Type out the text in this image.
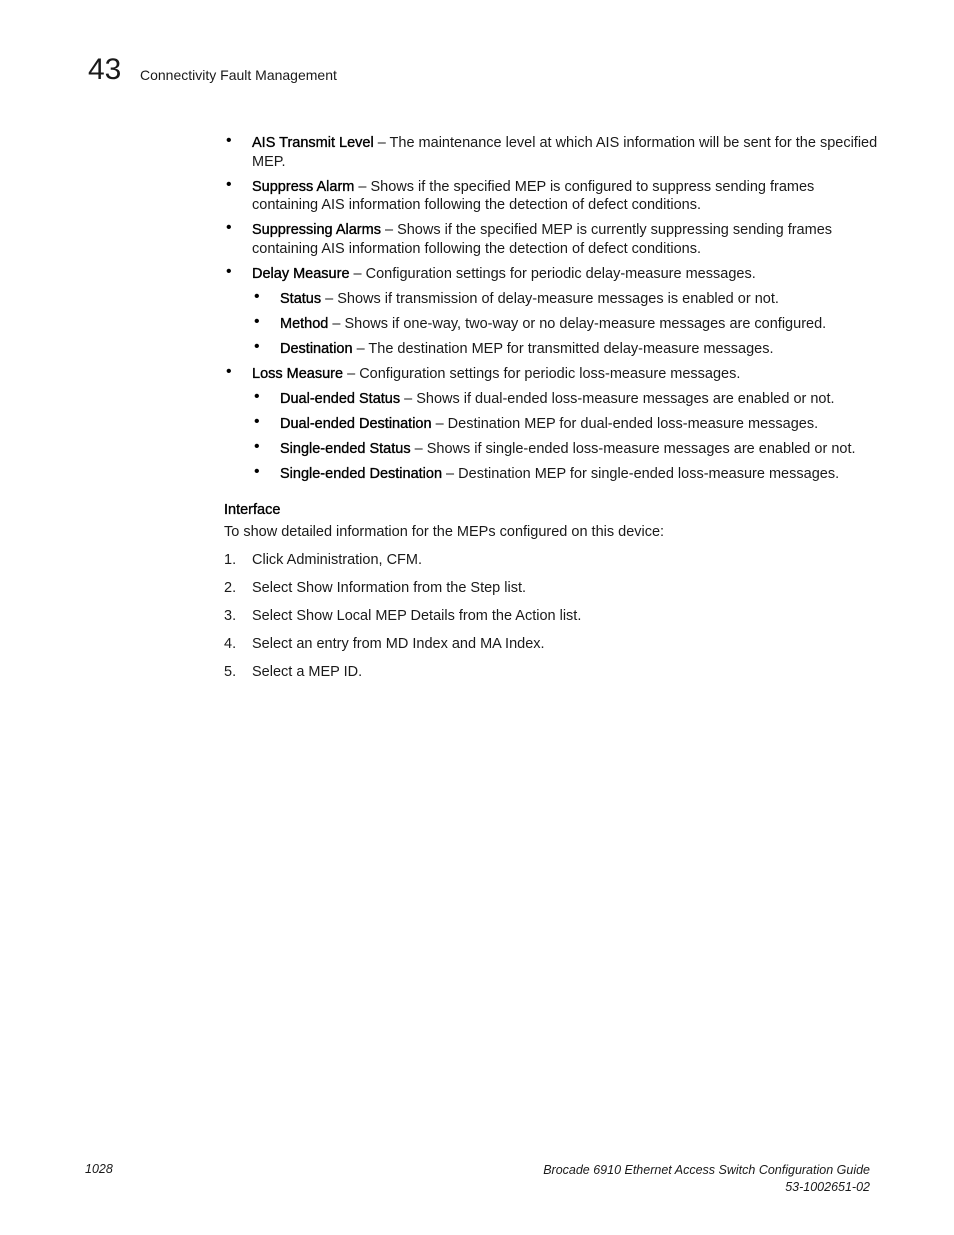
43 Connectivity Fault Management
• AIS Transmit Level – The maintenance level at which AIS information will be sent for the specified MEP.
• Suppress Alarm – Shows if the specified MEP is configured to suppress sending frames containing AIS information following the detection of defect conditions.
• Suppressing Alarms – Shows if the specified MEP is currently suppressing sending frames containing AIS information following the detection of defect conditions.
• Delay Measure – Configuration settings for periodic delay-measure messages.
• Status – Shows if transmission of delay-measure messages is enabled or not.
• Method – Shows if one-way, two-way or no delay-measure messages are configured.
• Destination – The destination MEP for transmitted delay-measure messages.
• Loss Measure – Configuration settings for periodic loss-measure messages.
• Dual-ended Status – Shows if dual-ended loss-measure messages are enabled or not.
• Dual-ended Destination – Destination MEP for dual-ended loss-measure messages.
• Single-ended Status – Shows if single-ended loss-measure messages are enabled or not.
• Single-ended Destination – Destination MEP for single-ended loss-measure messages.
Interface

To show detailed information for the MEPs configured on this device:

1. Click Administration, CFM.
2. Select Show Information from the Step list.
3. Select Show Local MEP Details from the Action list.
4. Select an entry from MD Index and MA Index.
5. Select a MEP ID.
1028	Brocade 6910 Ethernet Access Switch Configuration Guide
53-1002651-02
